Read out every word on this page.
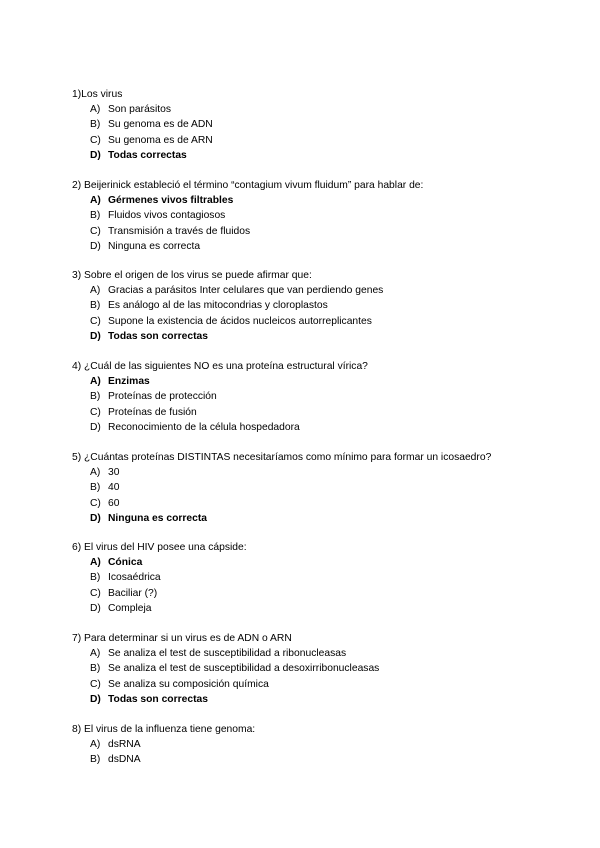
1)Los virus
A) Son parásitos
B) Su genoma es de ADN
C) Su genoma es de ARN
D) Todas correctas
2) Beijerinick estableció el término “contagium vivum fluidum” para hablar de:
A) Gérmenes vivos filtrables
B) Fluidos vivos contagiosos
C) Transmisión a través de fluidos
D) Ninguna es correcta
3) Sobre el origen de los virus se puede afirmar que:
A) Gracias a parásitos Inter celulares que van perdiendo genes
B) Es análogo al de las mitocondrias y cloroplastos
C) Supone la existencia de ácidos nucleicos autorreplicantes
D) Todas son correctas
4) ¿Cuál de las siguientes NO es una proteína estructural vírica?
A) Enzimas
B) Proteínas de protección
C) Proteínas de fusión
D) Reconocimiento de la célula hospedadora
5) ¿Cuántas proteínas DISTINTAS necesitaríamos como mínimo para formar un icosaedro?
A) 30
B) 40
C) 60
D) Ninguna es correcta
6) El virus del HIV posee una cápside:
A) Cónica
B) Icosaédrica
C) Baciliar (?)
D) Compleja
7) Para determinar si un virus es de ADN o ARN
A) Se analiza el test de susceptibilidad a ribonucleasas
B) Se analiza el test de susceptibilidad a desoxirribonucleasas
C) Se analiza su composición química
D) Todas son correctas
8) El virus de la influenza tiene genoma:
A) dsRNA
B) dsDNA
